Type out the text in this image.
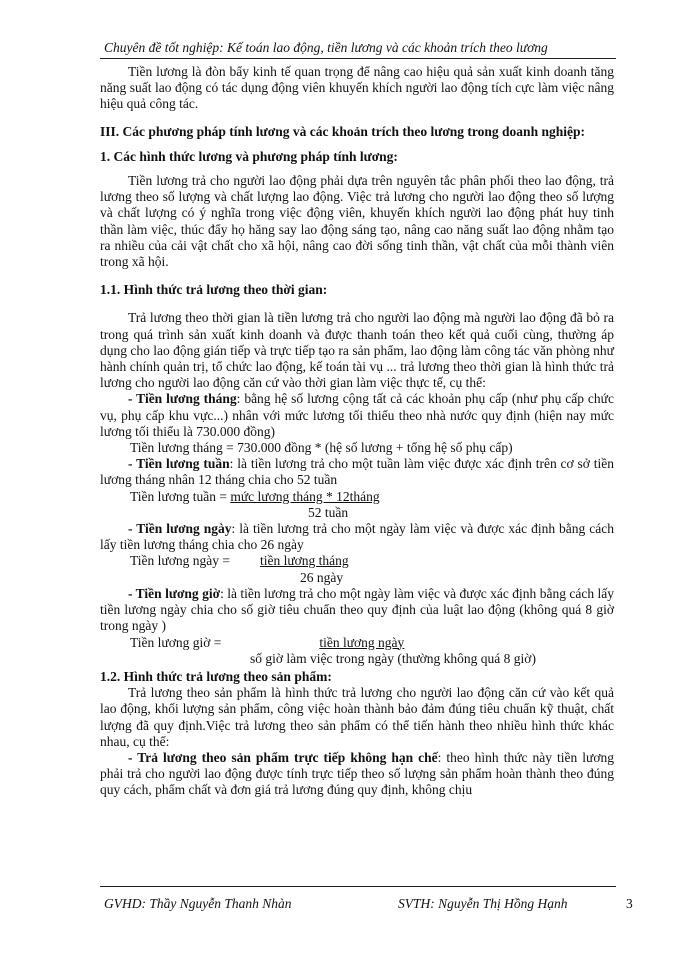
Chuyên đề tốt nghiệp: Kế toán lao động, tiền lương và các khoản trích theo lương

Tiền lương là đòn bẩy kinh tế quan trọng để nâng cao hiệu quả sản xuất kinh doanh tăng năng suất lao động có tác dụng động viên khuyến khích người lao động tích cực làm việc nâng hiệu quả công tác.

III. Các phương pháp tính lương và các khoản trích theo lương trong doanh nghiệp:

1. Các hình thức lương và phương pháp tính lương:

Tiền lương trả cho người lao động phải dựa trên nguyên tắc phân phối theo lao động, trả lương theo số lượng và chất lượng lao động. Việc trả lương cho người lao động theo số lượng và chất lượng có ý nghĩa trong việc động viên, khuyến khích người lao động phát huy tinh thần làm việc, thúc đẩy họ hăng say lao động sáng tạo, nâng cao năng suất lao động nhằm tạo ra nhiều của cải vật chất cho xã hội, nâng cao đời sống tinh thần, vật chất của mỗi thành viên trong xã hội.

1.1. Hình thức trả lương theo thời gian:

Trả lương theo thời gian là tiền lương trả cho người lao động mà người lao động đã bỏ ra trong quá trình sản xuất kinh doanh và được thanh toán theo kết quả cuối cùng, thường áp dụng cho lao động gián tiếp và trực tiếp tạo ra sản phẩm, lao động làm công tác văn phòng như hành chính quản trị, tổ chức lao động, kế toán tài vụ ... trả lương theo thời gian là hình thức trả lương cho người lao động căn cứ vào thời gian làm việc thực tế, cụ thể:

- Tiền lương tháng: bằng hệ số lương cộng tất cả các khoản phụ cấp (như phụ cấp chức vụ, phụ cấp khu vực...) nhân với mức lương tối thiểu theo nhà nước quy định (hiện nay mức lương tối thiểu là 730.000 đồng)

Tiền lương tháng = 730.000 đồng * (hệ số lương + tổng hệ số phụ cấp)

- Tiền lương tuần: là tiền lương trả cho một tuần làm việc được xác định trên cơ sở tiền lương tháng nhân 12 tháng chia cho 52 tuần

Tiền lương tuần = mức lương tháng * 12tháng

52 tuần

- Tiền lương ngày: là tiền lương trả cho một ngày làm việc và được xác định bằng cách lấy tiền lương tháng chia cho 26 ngày

Tiền lương ngày = tiền lương tháng

26 ngày

- Tiền lương giờ: là tiền lương trả cho một ngày làm việc và được xác định bằng cách lấy tiền lương ngày chia cho số giờ tiêu chuẩn theo quy định của luật lao động (không quá 8 giờ trong ngày )

Tiền lương giờ =	tiền lương ngày

số giờ làm việc trong ngày (thường không quá 8 giờ)

1.2. Hình thức trả lương theo sản phẩm:

Trả lương theo sản phẩm là hình thức trả lương cho người lao động căn cứ vào kết quả lao động, khối lượng sản phẩm, công việc hoàn thành bảo đảm đúng tiêu chuẩn kỹ thuật, chất lượng đã quy định.Việc trả lương theo sản phẩm có thể tiến hành theo nhiều hình thức khác nhau, cụ thể:

- Trả lương theo sản phẩm trực tiếp không hạn chế: theo hình thức này tiền lương phải trả cho người lao động được tính trực tiếp theo số lượng sản phẩm hoàn thành theo đúng quy cách, phẩm chất và đơn giá trả lương đúng quy định, không chịu

GVHD: Thầy Nguyễn Thanh Nhàn	SVTH: Nguyễn Thị Hồng Hạnh	3
